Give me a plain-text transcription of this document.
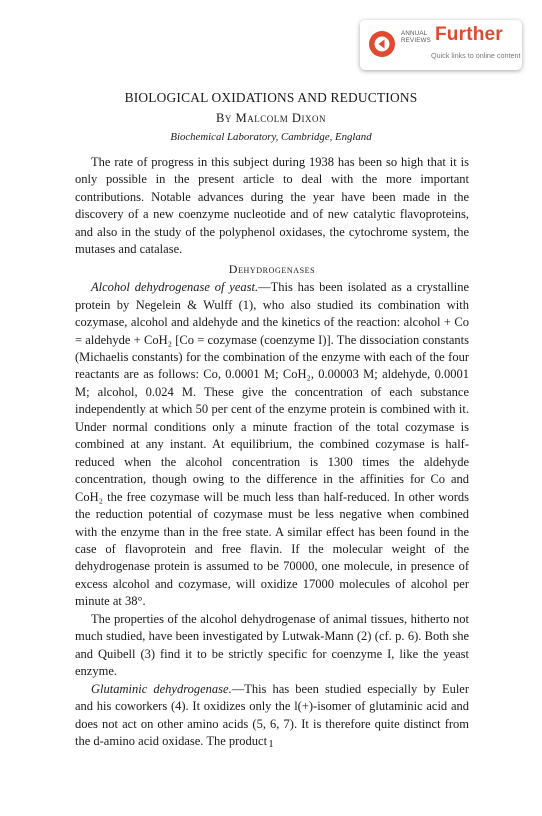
ANNUAL
REVIEWS Further
Quick links to online content
BIOLOGICAL OXIDATIONS AND REDUCTIONS
By Malcolm Dixon
Biochemical Laboratory, Cambridge, England

The rate of progress in this subject during 1938 has been so high that it is only possible in the present article to deal with the more important contributions. Notable advances during the year have been made in the discovery of a new coenzyme nucleotide and of new catalytic flavoproteins, and also in the study of the polyphenol oxidases, the cytochrome system, the mutases and catalase.

Dehydrogenases

Alcohol dehydrogenase of yeast.—This has been isolated as a crystalline protein by Negelein & Wulff (1), who also studied its combination with cozymase, alcohol and aldehyde and the kinetics of the reaction: alcohol + Co = aldehyde + CoH₂ [Co = cozymase (coenzyme I)]. The dissociation constants (Michaelis constants) for the combination of the enzyme with each of the four reactants are as follows: Co, 0.0001 M; CoH₂, 0.00003 M; aldehyde, 0.0001 M; alcohol, 0.024 M. These give the concentration of each substance independently at which 50 per cent of the enzyme protein is combined with it. Under normal conditions only a minute fraction of the total cozymase is combined at any instant. At equilibrium, the combined cozymase is half-reduced when the alcohol concentration is 1300 times the aldehyde concentration, though owing to the difference in the affinities for Co and CoH₂ the free cozymase will be much less than half-reduced. In other words the reduction potential of cozymase must be less negative when combined with the enzyme than in the free state. A similar effect has been found in the case of flavoprotein and free flavin. If the molecular weight of the dehydrogenase protein is assumed to be 70000, one molecule, in presence of excess alcohol and cozymase, will oxidize 17000 molecules of alcohol per minute at 38°.

The properties of the alcohol dehydrogenase of animal tissues, hitherto not much studied, have been investigated by Lutwak-Mann (2) (cf. p. 6). Both she and Quibell (3) find it to be strictly specific for coenzyme I, like the yeast enzyme.

Glutaminic dehydrogenase.—This has been studied especially by Euler and his coworkers (4). It oxidizes only the l(+)-isomer of glutaminic acid and does not act on other amino acids (5, 6, 7). It is therefore quite distinct from the d-amino acid oxidase. The product 1
